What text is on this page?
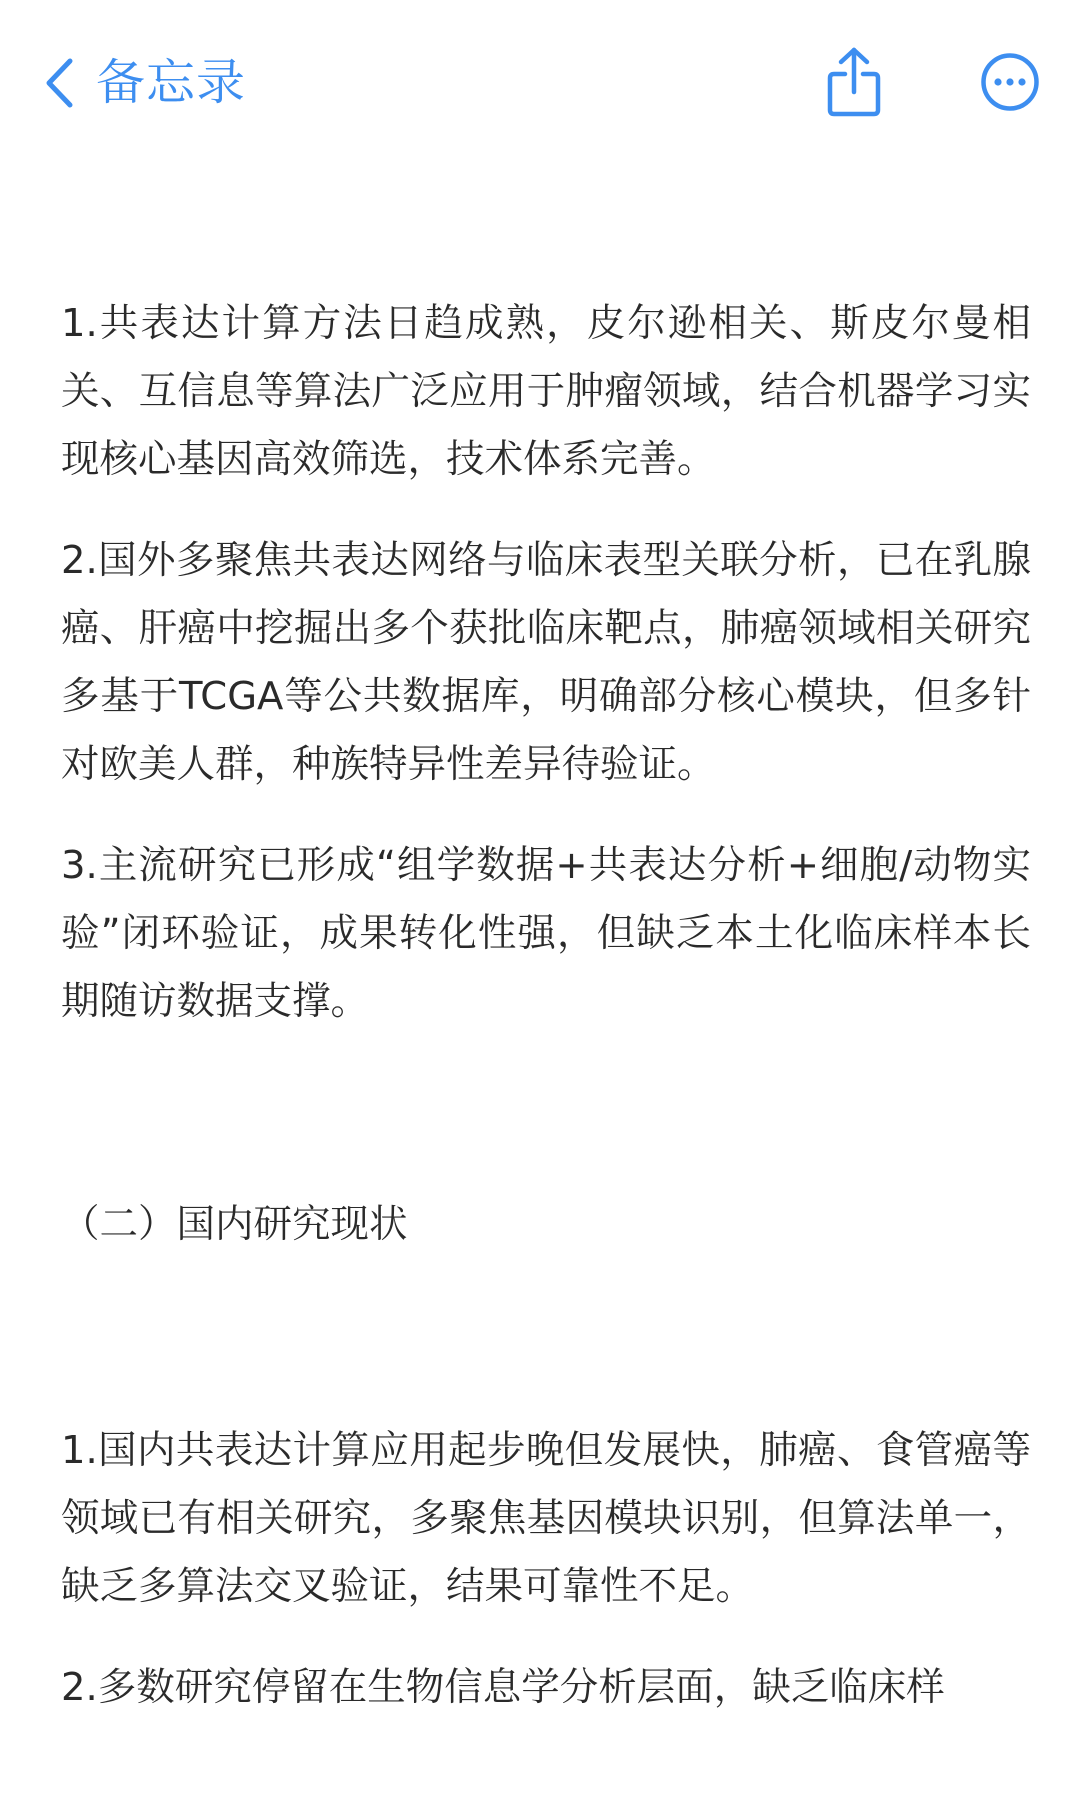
备忘录

1.共表达计算方法日趋成熟，皮尔逊相关、斯皮尔曼相关、互信息等算法广泛应用于肿瘤领域，结合机器学习实现核心基因高效筛选，技术体系完善。

2.国外多聚焦共表达网络与临床表型关联分析，已在乳腺癌、肝癌中挖掘出多个获批临床靶点，肺癌领域相关研究多基于TCGA等公共数据库，明确部分核心模块，但多针对欧美人群，种族特异性差异待验证。

3.主流研究已形成“组学数据+共表达分析+细胞/动物实验”闭环验证，成果转化性强，但缺乏本土化临床样本长期随访数据支撑。

（二）国内研究现状

1.国内共表达计算应用起步晚但发展快，肺癌、食管癌等领域已有相关研究，多聚焦基因模块识别，但算法单一，缺乏多算法交叉验证，结果可靠性不足。

2.多数研究停留在生物信息学分析层面，缺乏临床样
